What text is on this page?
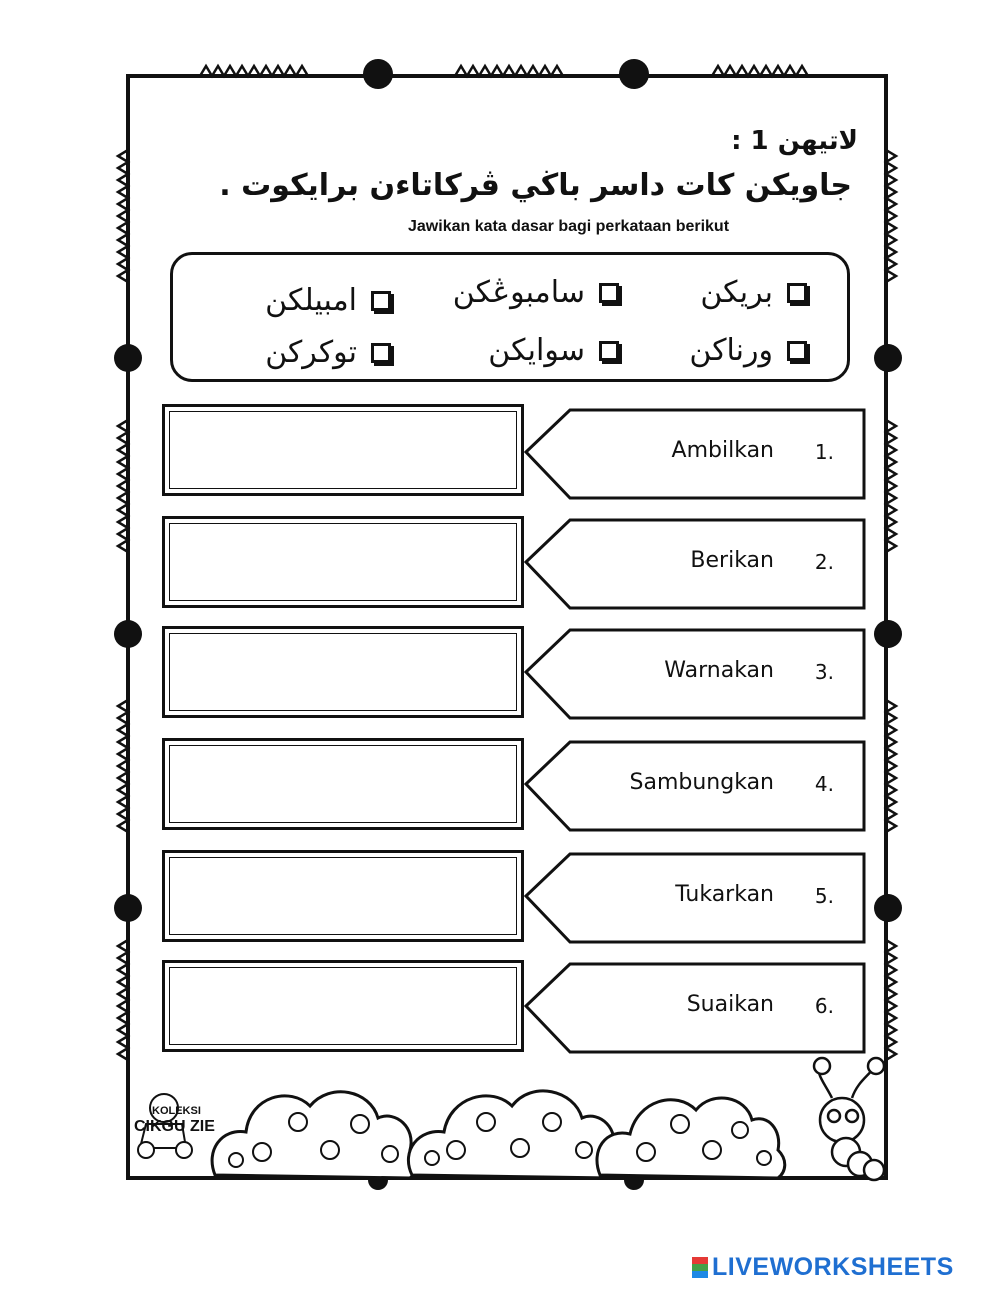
لاتيهن 1 :
جاويكن كات داسر باڬي ڤركاتاءن برايكوت .
Jawikan kata dasar bagi perkataan berikut
بريکن
سامبوڠکن
امبيلکن
ورناکن
سوايکن
توکرکن
Ambilkan 1.
Berikan 2.
Warnakan 3.
Sambungkan 4.
Tukarkan 5.
Suaikan 6.
KOLEKSI
CIKGU ZIE
LIVEWORKSHEETS
